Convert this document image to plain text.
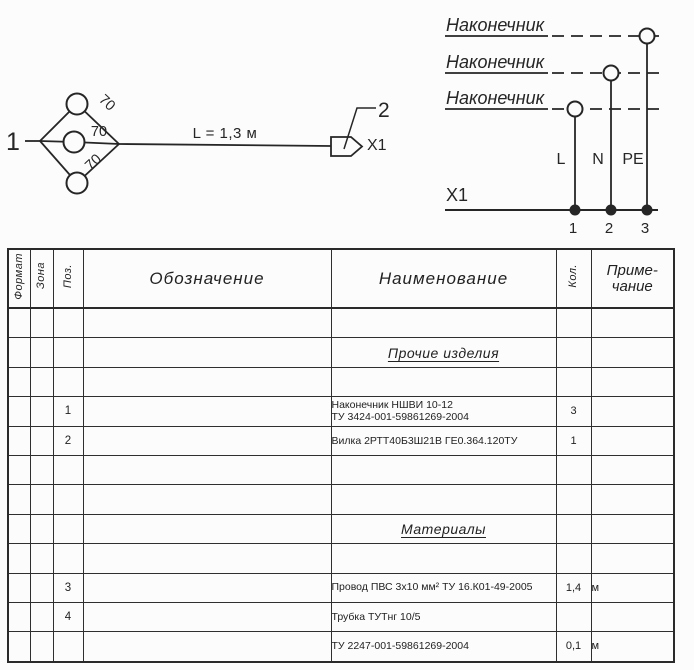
1
70
70
70
L = 1,3 м
2
X1
Наконечник
Наконечник
Наконечник
L N PE
X1
1 2 3
Формат	Зона	Поз.	Обозначение	Наименование	Кол.	Приме-
чание

				Прочие изделия		

		1		Наконечник НШВИ 10-12
ТУ 3424-001-59861269-2004	3	
		2		Вилка 2РТТ40Б3Ш21В ГЕ0.364.120ТУ	1	

				Материалы		

		3		Провод ПВС 3х10 мм² ТУ 16.К01-49-2005	1,4	м
		4		Трубка ТУТнг 10/5		

				ТУ 2247-001-59861269-2004	0,1	м
